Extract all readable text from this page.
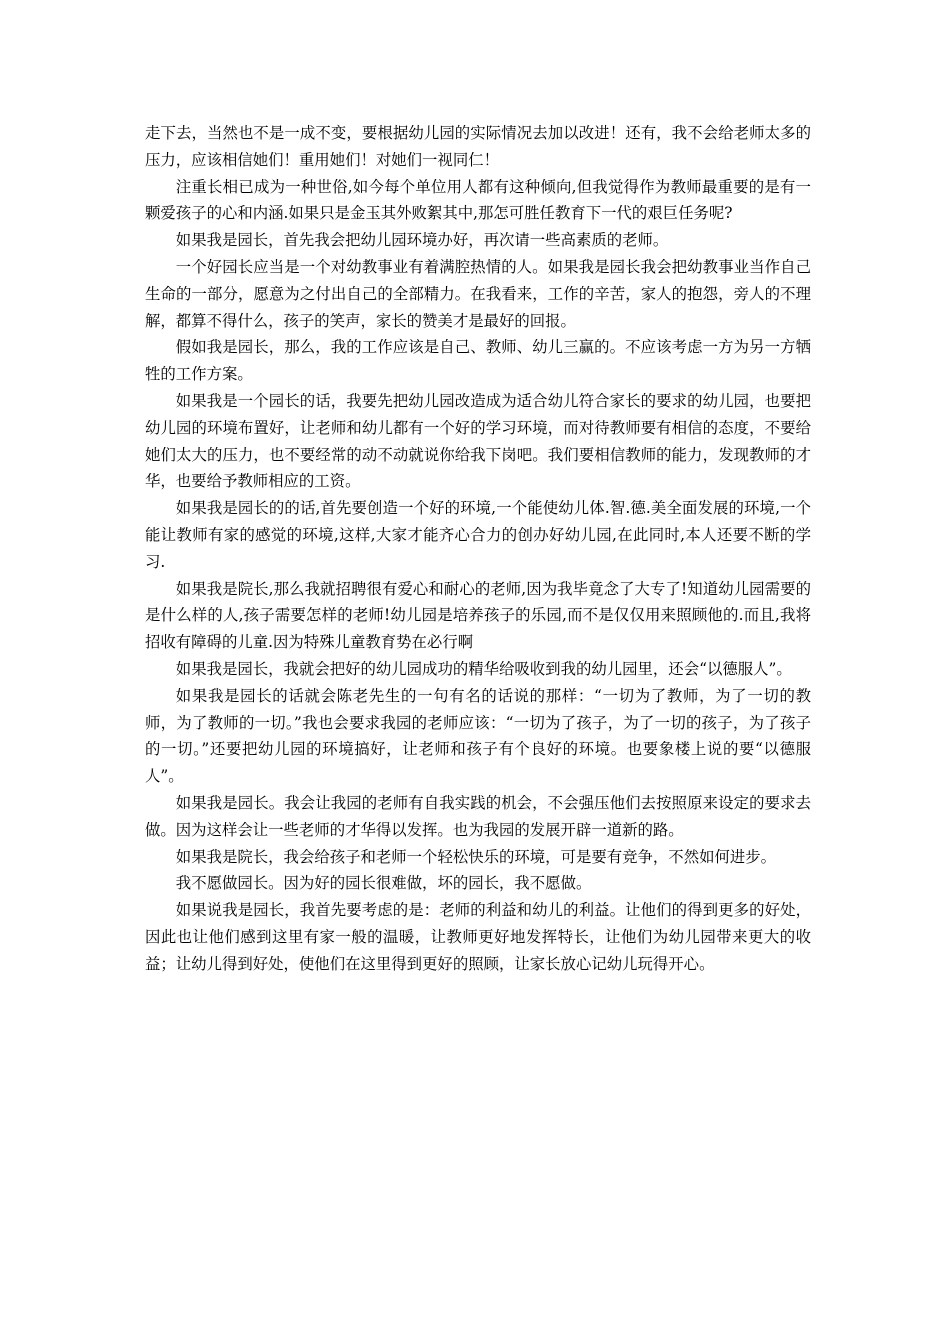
走下去，当然也不是一成不变，要根据幼儿园的实际情况去加以改进！还有，我不会给老师太多的压力，应该相信她们！重用她们！对她们一视同仁！

注重长相已成为一种世俗,如今每个单位用人都有这种倾向,但我觉得作为教师最重要的是有一颗爱孩子的心和内涵.如果只是金玉其外败絮其中,那怎可胜任教育下一代的艰巨任务呢?

如果我是园长，首先我会把幼儿园环境办好，再次请一些高素质的老师。

一个好园长应当是一个对幼教事业有着满腔热情的人。如果我是园长我会把幼教事业当作自己生命的一部分，愿意为之付出自己的全部精力。在我看来，工作的辛苦，家人的抱怨，旁人的不理解，都算不得什么，孩子的笑声，家长的赞美才是最好的回报。

假如我是园长，那么，我的工作应该是自己、教师、幼儿三赢的。不应该考虑一方为另一方牺牲的工作方案。

如果我是一个园长的话，我要先把幼儿园改造成为适合幼儿符合家长的要求的幼儿园，也要把幼儿园的环境布置好，让老师和幼儿都有一个好的学习环境，而对待教师要有相信的态度，不要给她们太大的压力，也不要经常的动不动就说你给我下岗吧。我们要相信教师的能力，发现教师的才华，也要给予教师相应的工资。

如果我是园长的的话,首先要创造一个好的环境,一个能使幼儿体.智.德.美全面发展的环境,一个能让教师有家的感觉的环境,这样,大家才能齐心合力的创办好幼儿园,在此同时,本人还要不断的学习.

如果我是院长,那么我就招聘很有爱心和耐心的老师,因为我毕竟念了大专了!知道幼儿园需要的是什么样的人,孩子需要怎样的老师!幼儿园是培养孩子的乐园,而不是仅仅用来照顾他的.而且,我将招收有障碍的儿童.因为特殊儿童教育势在必行啊

如果我是园长，我就会把好的幼儿园成功的精华给吸收到我的幼儿园里，还会“以德服人”。

如果我是园长的话就会陈老先生的一句有名的话说的那样：“一切为了教师，为了一切的教师，为了教师的一切。”我也会要求我园的老师应该：“一切为了孩子，为了一切的孩子，为了孩子的一切。”还要把幼儿园的环境搞好，让老师和孩子有个良好的环境。也要象楼上说的要“以德服人”。

如果我是园长。我会让我园的老师有自我实践的机会，不会强压他们去按照原来设定的要求去做。因为这样会让一些老师的才华得以发挥。也为我园的发展开辟一道新的路。

如果我是院长，我会给孩子和老师一个轻松快乐的环境，可是要有竞争，不然如何进步。

我不愿做园长。因为好的园长很难做，坏的园长，我不愿做。

如果说我是园长，我首先要考虑的是：老师的利益和幼儿的利益。让他们的得到更多的好处，因此也让他们感到这里有家一般的温暖，让教师更好地发挥特长，让他们为幼儿园带来更大的收益；让幼儿得到好处，使他们在这里得到更好的照顾，让家长放心记幼儿玩得开心。
